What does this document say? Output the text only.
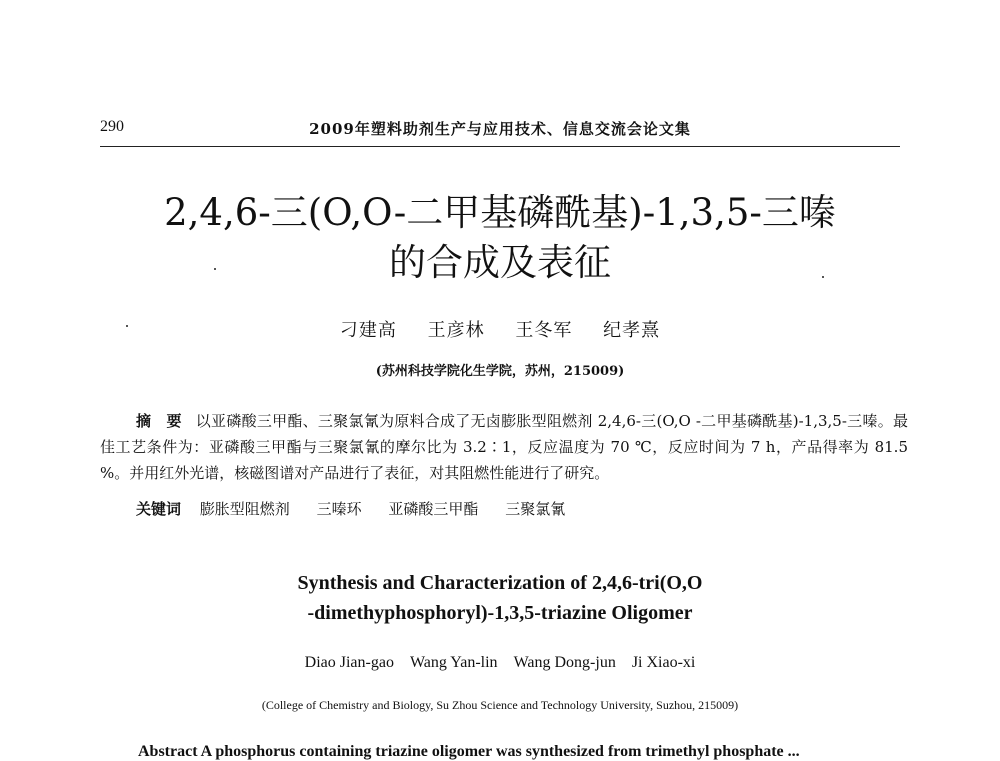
290	2009年塑料助剂生产与应用技术、信息交流会论文集
2,4,6-三(O,O-二甲基磷酰基)-1,3,5-三嗪
的合成及表征
刁建高 王彦林 王冬军 纪孝熹
(苏州科技学院化生学院，苏州，215009)

摘　要 以亚磷酸三甲酯、三聚氯氰为原料合成了无卤膨胀型阻燃剂 2,4,6-三(O,O -二甲基磷酰基)-1,3,5-三嗪。最佳工艺条件为：亚磷酸三甲酯与三聚氯氰的摩尔比为 3.2∶1，反应温度为 70 ℃，反应时间为 7 h，产品得率为 81.5 %。并用红外光谱，核磁图谱对产品进行了表征，对其阻燃性能进行了研究。

关键词 膨胀型阻燃剂 三嗪环 亚磷酸三甲酯 三聚氯氰
Synthesis and Characterization of 2,4,6-tri(O,O
-dimethyphosphoryl)-1,3,5-triazine Oligomer
Diao Jian-gao Wang Yan-lin Wang Dong-jun Ji Xiao-xi
(College of Chemistry and Biology, Su Zhou Science and Technology University, Suzhou, 215009)
Abstract A phosphorus containing triazine oligomer was synthesized from trimethyl phosphate ...
